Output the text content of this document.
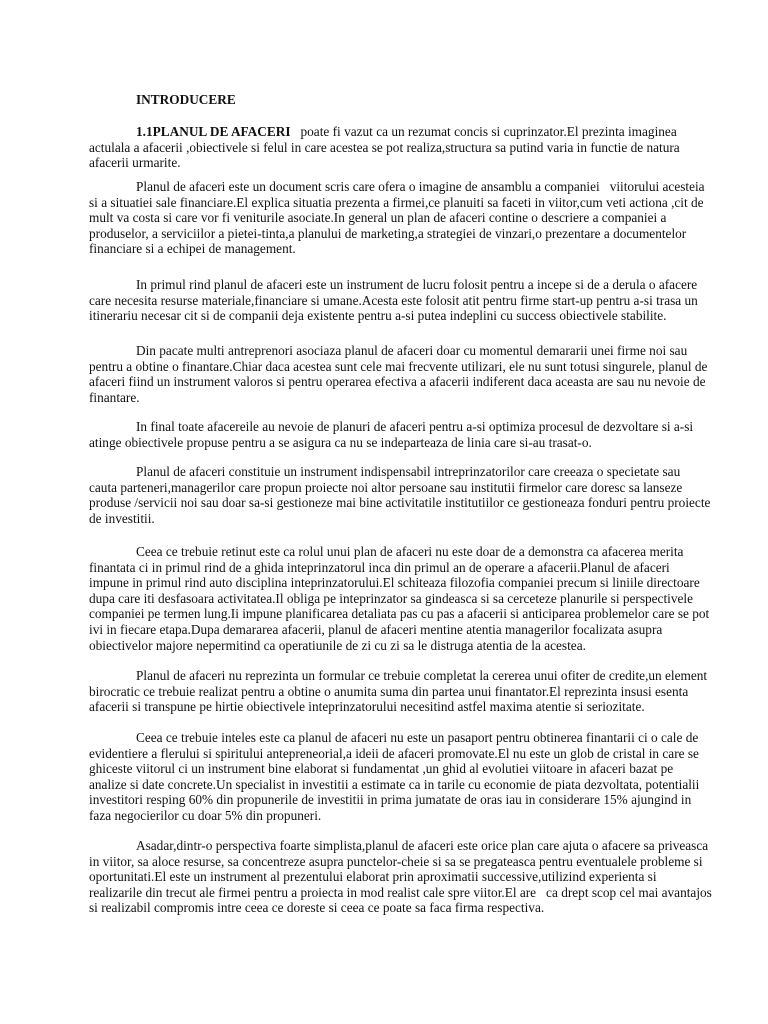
INTRODUCERE
1.1PLANUL DE AFACERI   poate fi vazut ca un rezumat concis si cuprinzator.El prezinta imaginea
actulala a afacerii ,obiectivele si felul in care acestea se pot realiza,structura sa putind varia in functie de natura
afacerii urmarite.
Planul de afaceri este un document scris care ofera o imagine de ansamblu a companiei   viitorului acesteia
si a situatiei sale financiare.El explica situatia prezenta a firmei,ce planuiti sa faceti in viitor,cum veti actiona ,cit de
mult va costa si care vor fi veniturile asociate.In general un plan de afaceri contine o descriere a companiei a
produselor, a serviciilor a pietei-tinta,a planului de marketing,a strategiei de vinzari,o prezentare a documentelor
financiare si a echipei de management.
In primul rind planul de afaceri este un instrument de lucru folosit pentru a incepe si de a derula o afacere
care necesita resurse materiale,financiare si umane.Acesta este folosit atit pentru firme start-up pentru a-si trasa un
itinerariu necesar cit si de companii deja existente pentru a-si putea indeplini cu success obiectivele stabilite.
Din pacate multi antreprenori asociaza planul de afaceri doar cu momentul demararii unei firme noi sau
pentru a obtine o finantare.Chiar daca acestea sunt cele mai frecvente utilizari, ele nu sunt totusi singurele, planul de
afaceri fiind un instrument valoros si pentru operarea efectiva a afacerii indiferent daca aceasta are sau nu nevoie de
finantare.
In final toate afacereile au nevoie de planuri de afaceri pentru a-si optimiza procesul de dezvoltare si a-si
atinge obiectivele propuse pentru a se asigura ca nu se indeparteaza de linia care si-au trasat-o.
Planul de afaceri constituie un instrument indispensabil intreprinzatorilor care creeaza o specietate sau
cauta parteneri,managerilor care propun proiecte noi altor persoane sau institutii firmelor care doresc sa lanseze
produse /servicii noi sau doar sa-si gestioneze mai bine activitatile institutiilor ce gestioneaza fonduri pentru proiecte
de investitii.
Ceea ce trebuie retinut este ca rolul unui plan de afaceri nu este doar de a demonstra ca afacerea merita
finantata ci in primul rind de a ghida inteprinzatorul inca din primul an de operare a afacerii.Planul de afaceri
impune in primul rind auto disciplina inteprinzatorului.El schiteaza filozofia companiei precum si liniile directoare
dupa care iti desfasoara activitatea.Il obliga pe inteprinzator sa gindeasca si sa cerceteze planurile si perspectivele
companiei pe termen lung.Ii impune planificarea detaliata pas cu pas a afacerii si anticiparea problemelor care se pot
ivi in fiecare etapa.Dupa demararea afacerii, planul de afaceri mentine atentia managerilor focalizata asupra
obiectivelor majore nepermitind ca operatiunile de zi cu zi sa le distruga atentia de la acestea.
Planul de afaceri nu reprezinta un formular ce trebuie completat la cererea unui ofiter de credite,un element
birocratic ce trebuie realizat pentru a obtine o anumita suma din partea unui finantator.El reprezinta insusi esenta
afacerii si transpune pe hirtie obiectivele inteprinzatorului necesitind astfel maxima atentie si seriozitate.
Ceea ce trebuie inteles este ca planul de afaceri nu este un pasaport pentru obtinerea finantarii ci o cale de
evidentiere a flerului si spiritului antepreneorial,a ideii de afaceri promovate.El nu este un glob de cristal in care se
ghiceste viitorul ci un instrument bine elaborat si fundamentat ,un ghid al evolutiei viitoare in afaceri bazat pe
analize si date concrete.Un specialist in investitii a estimate ca in tarile cu economie de piata dezvoltata, potentialii
investitori resping 60% din propunerile de investitii in prima jumatate de oras iau in considerare 15% ajungind in
faza negocierilor cu doar 5% din propuneri.
Asadar,dintr-o perspectiva foarte simplista,planul de afaceri este orice plan care ajuta o afacere sa priveasca
in viitor, sa aloce resurse, sa concentreze asupra punctelor-cheie si sa se pregateasca pentru eventualele probleme si
oportunitati.El este un instrument al prezentului elaborat prin aproximatii successive,utilizind experienta si
realizarile din trecut ale firmei pentru a proiecta in mod realist cale spre viitor.El are   ca drept scop cel mai avantajos
si realizabil compromis intre ceea ce doreste si ceea ce poate sa faca firma respectiva.
